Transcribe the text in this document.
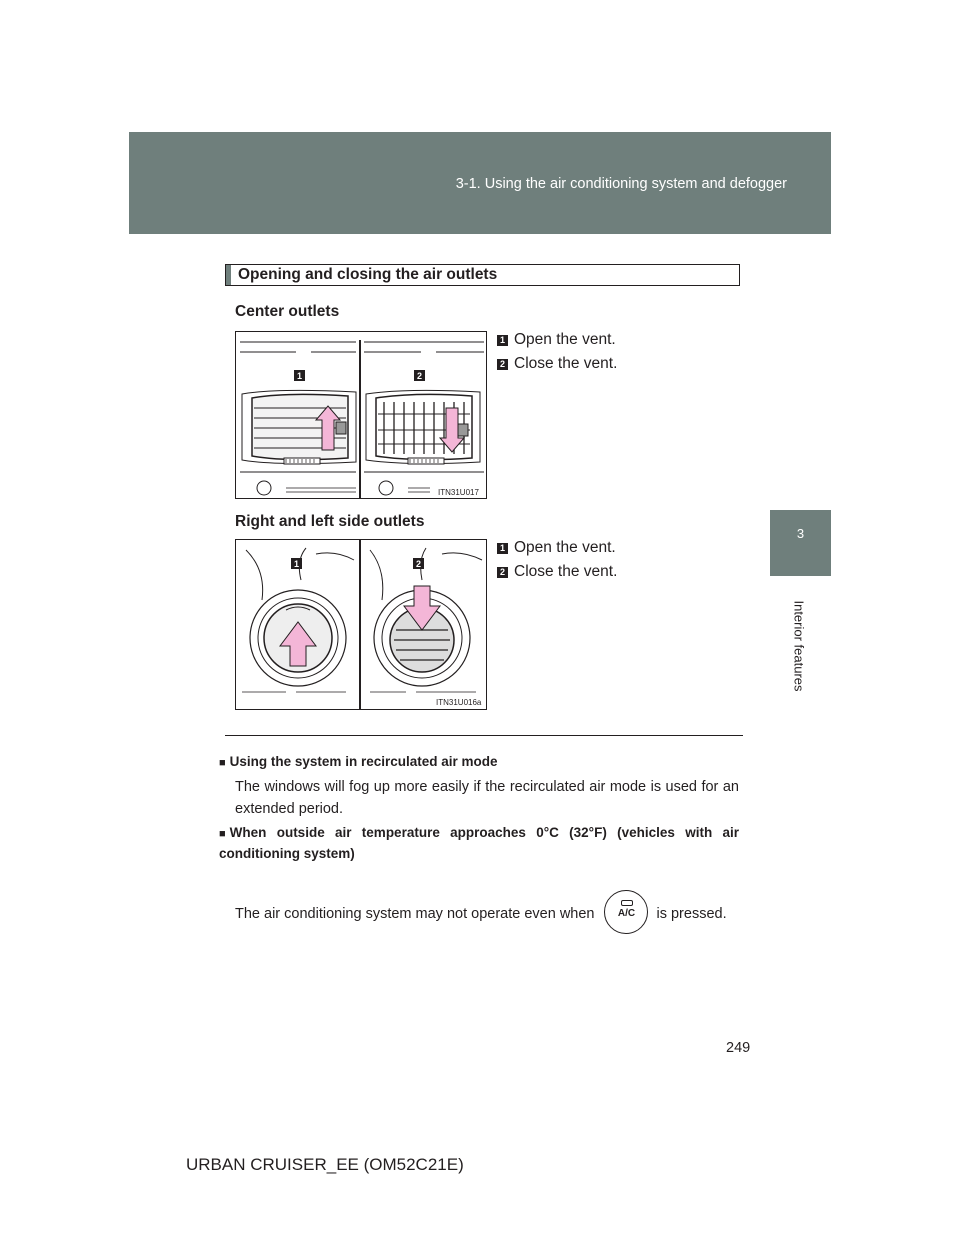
3-1. Using the air conditioning system and defogger
3
Interior features
Opening and closing the air outlets
Center outlets
1 Open the vent.
2 Close the vent.
1	2
ITN31U017
Right and left side outlets
1 Open the vent.
2 Close the vent.
1	2
ITN31U016a
■ Using the system in recirculated air mode
The windows will fog up more easily if the recirculated air mode is used for an extended period.
■ When outside air temperature approaches 0°C (32°F) (vehicles with air conditioning system)
The air conditioning system may not operate even when	A/C	is pressed.
249
URBAN CRUISER_EE (OM52C21E)
